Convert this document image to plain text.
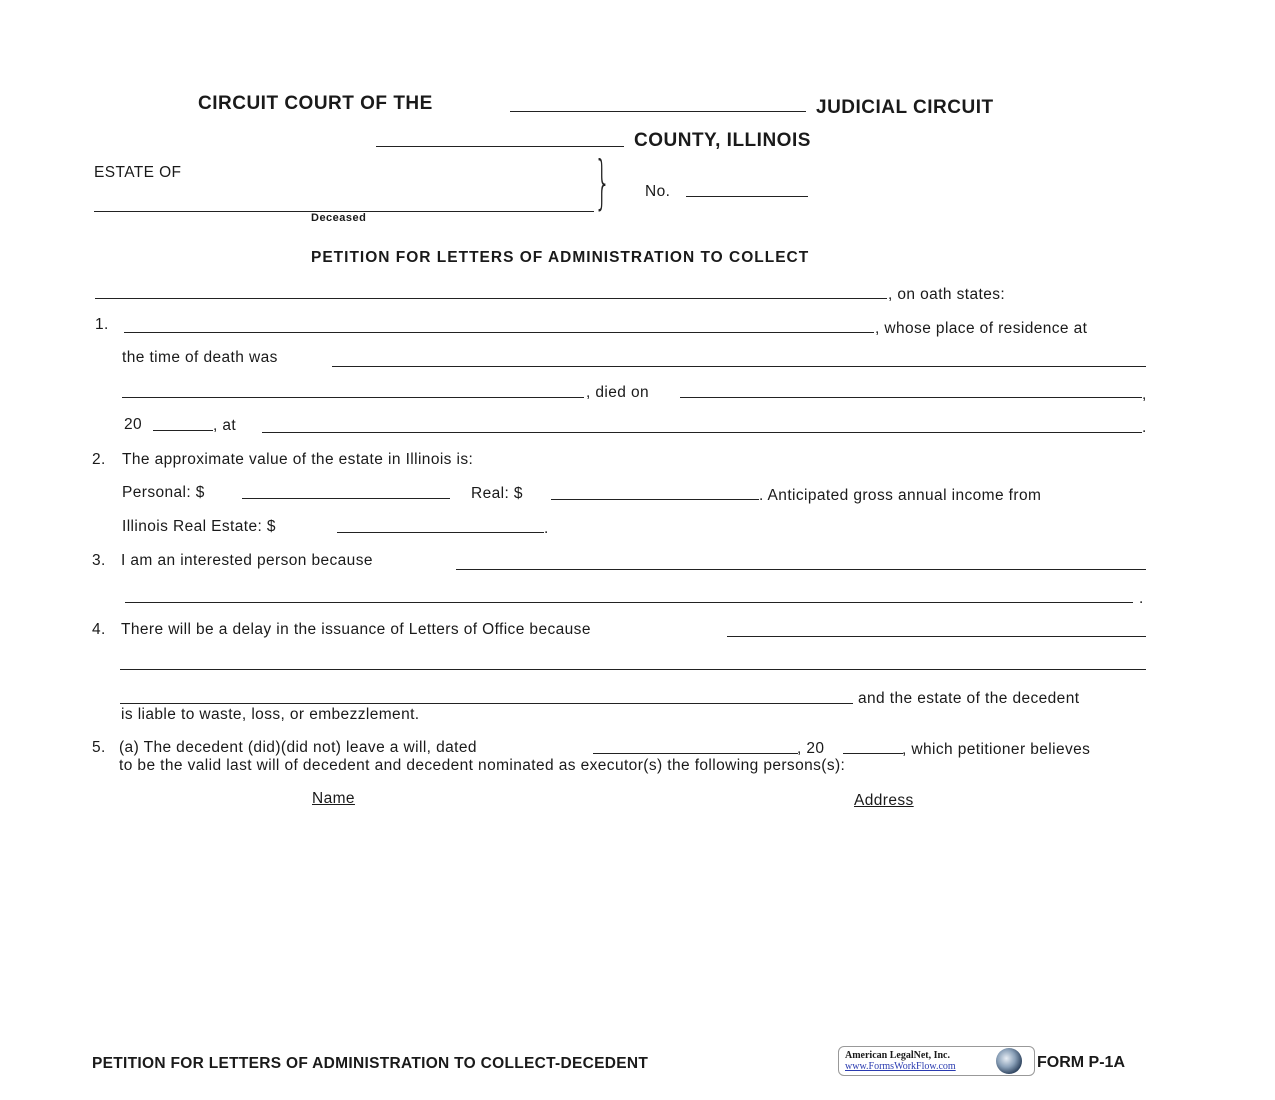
CIRCUIT COURT OF THE	JUDICIAL CIRCUIT
COUNTY, ILLINOIS
ESTATE OF
Deceased
} No.
PETITION FOR LETTERS OF ADMINISTRATION TO COLLECT
, on oath states:
1.	, whose place of residence at
the time of death was
, died on	,
20	, at	.
2. The approximate value of the estate in Illinois is:
Personal: $	Real: $	. Anticipated gross annual income from
Illinois Real Estate: $	.
3. I am an interested person because
.
4. There will be a delay in the issuance of Letters of Office because
and the estate of the decedent
is liable to waste, loss, or embezzlement.
5. (a) The decedent (did)(did not) leave a will, dated	, 20	, which petitioner believes
to be the valid last will of decedent and decedent nominated as executor(s) the following persons(s):
Name	Address
PETITION FOR LETTERS OF ADMINISTRATION TO COLLECT-DECEDENT	American LegalNet, Inc.
www.FormsWorkFlow.com	FORM P-1A
